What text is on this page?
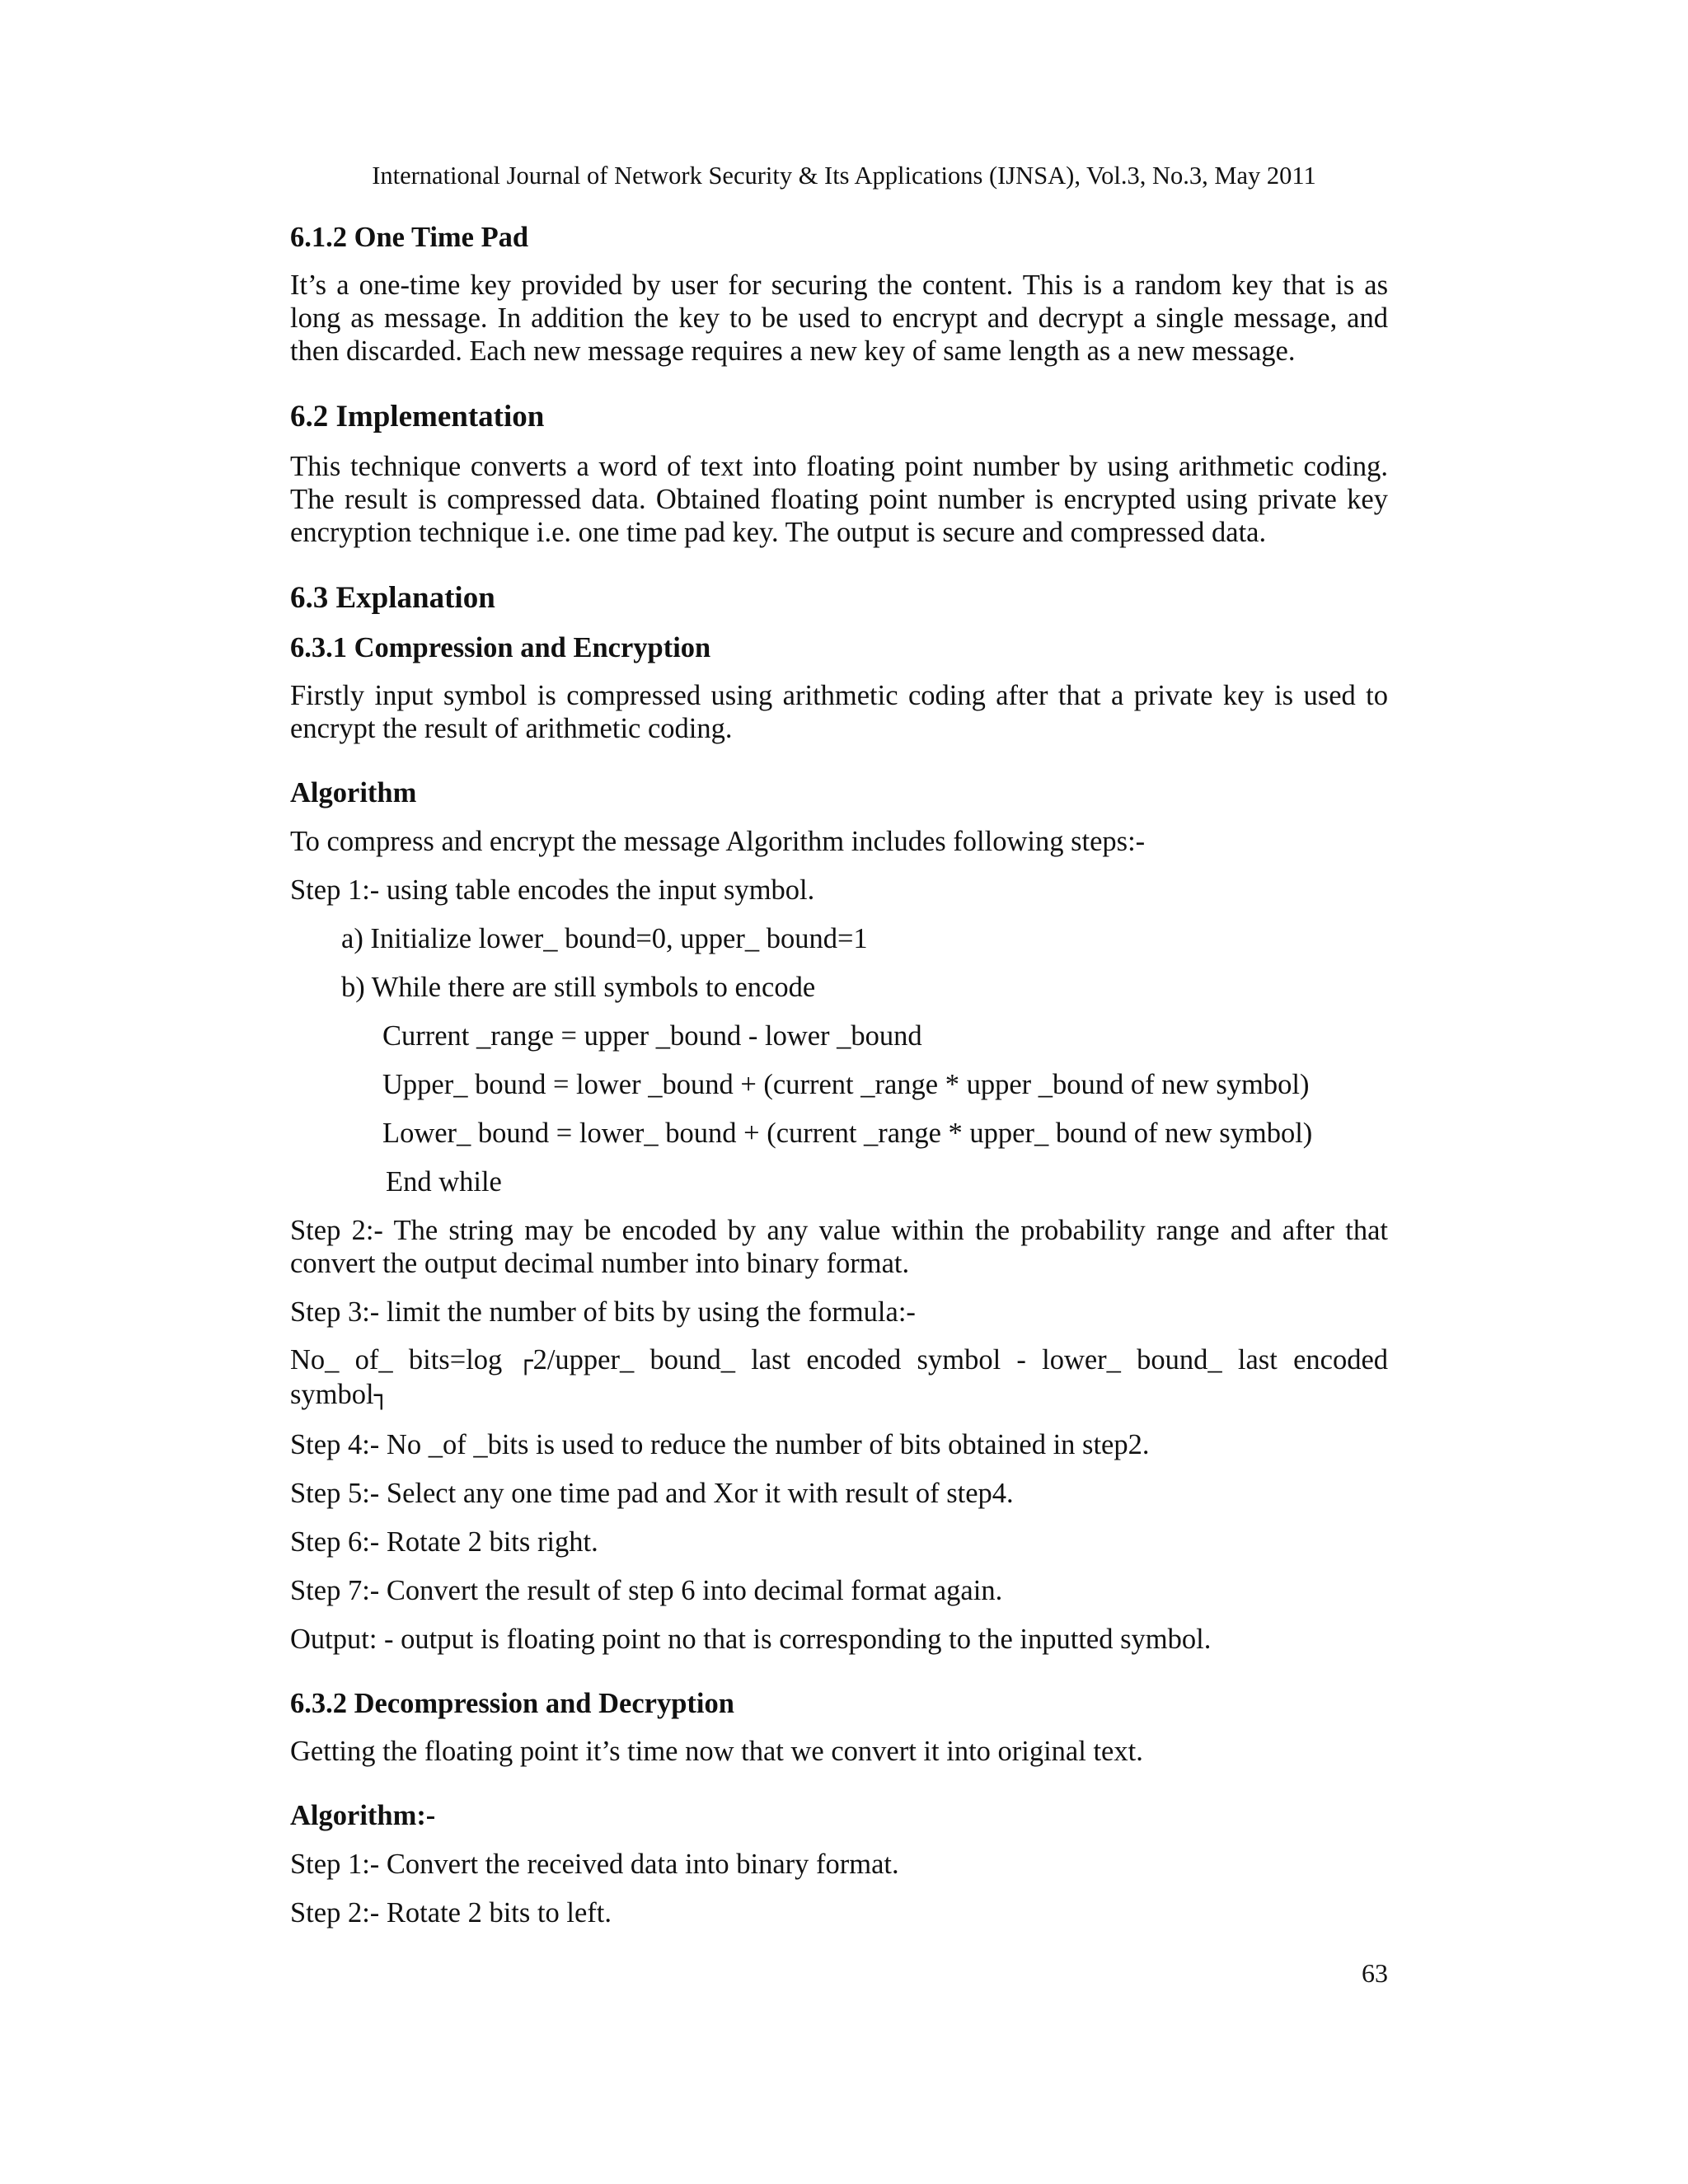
International Journal of Network Security & Its Applications (IJNSA), Vol.3, No.3, May 2011

6.1.2 One Time Pad

It’s a one-time key provided by user for securing the content. This is a random key that is as long as message. In addition the key to be used to encrypt and decrypt a single message, and then discarded. Each new message requires a new key of same length as a new message.

6.2 Implementation

This technique converts a word of text into floating point number by using arithmetic coding. The result is compressed data. Obtained floating point number is encrypted using private key encryption technique i.e. one time pad key. The output is secure and compressed data.

6.3 Explanation

6.3.1 Compression and Encryption

Firstly input symbol is compressed using arithmetic coding after that a private key is used to encrypt the result of arithmetic coding.

Algorithm

To compress and encrypt the message Algorithm includes following steps:-

Step 1:- using table encodes the input symbol.

a) Initialize lower_ bound=0, upper_ bound=1

b) While there are still symbols to encode

Current _range = upper _bound - lower _bound

Upper_ bound = lower _bound + (current _range * upper _bound of new symbol)

Lower_ bound = lower_ bound + (current _range * upper_ bound of new symbol)

End while

Step 2:- The string may be encoded by any value within the probability range and after that convert the output decimal number into binary format.

Step 3:- limit the number of bits by using the formula:-

No_ of_ bits=log ┌2/upper_ bound_ last encoded symbol - lower_ bound_ last encoded

symbol┐

Step 4:- No _of _bits is used to reduce the number of bits obtained in step2.

Step 5:- Select any one time pad and Xor it with result of step4.

Step 6:- Rotate 2 bits right.

Step 7:- Convert the result of step 6 into decimal format again.

Output: - output is floating point no that is corresponding to the inputted symbol.

6.3.2 Decompression and Decryption

Getting the floating point it’s time now that we convert it into original text.

Algorithm:-

Step 1:- Convert the received data into binary format.

Step 2:- Rotate 2 bits to left.

63
